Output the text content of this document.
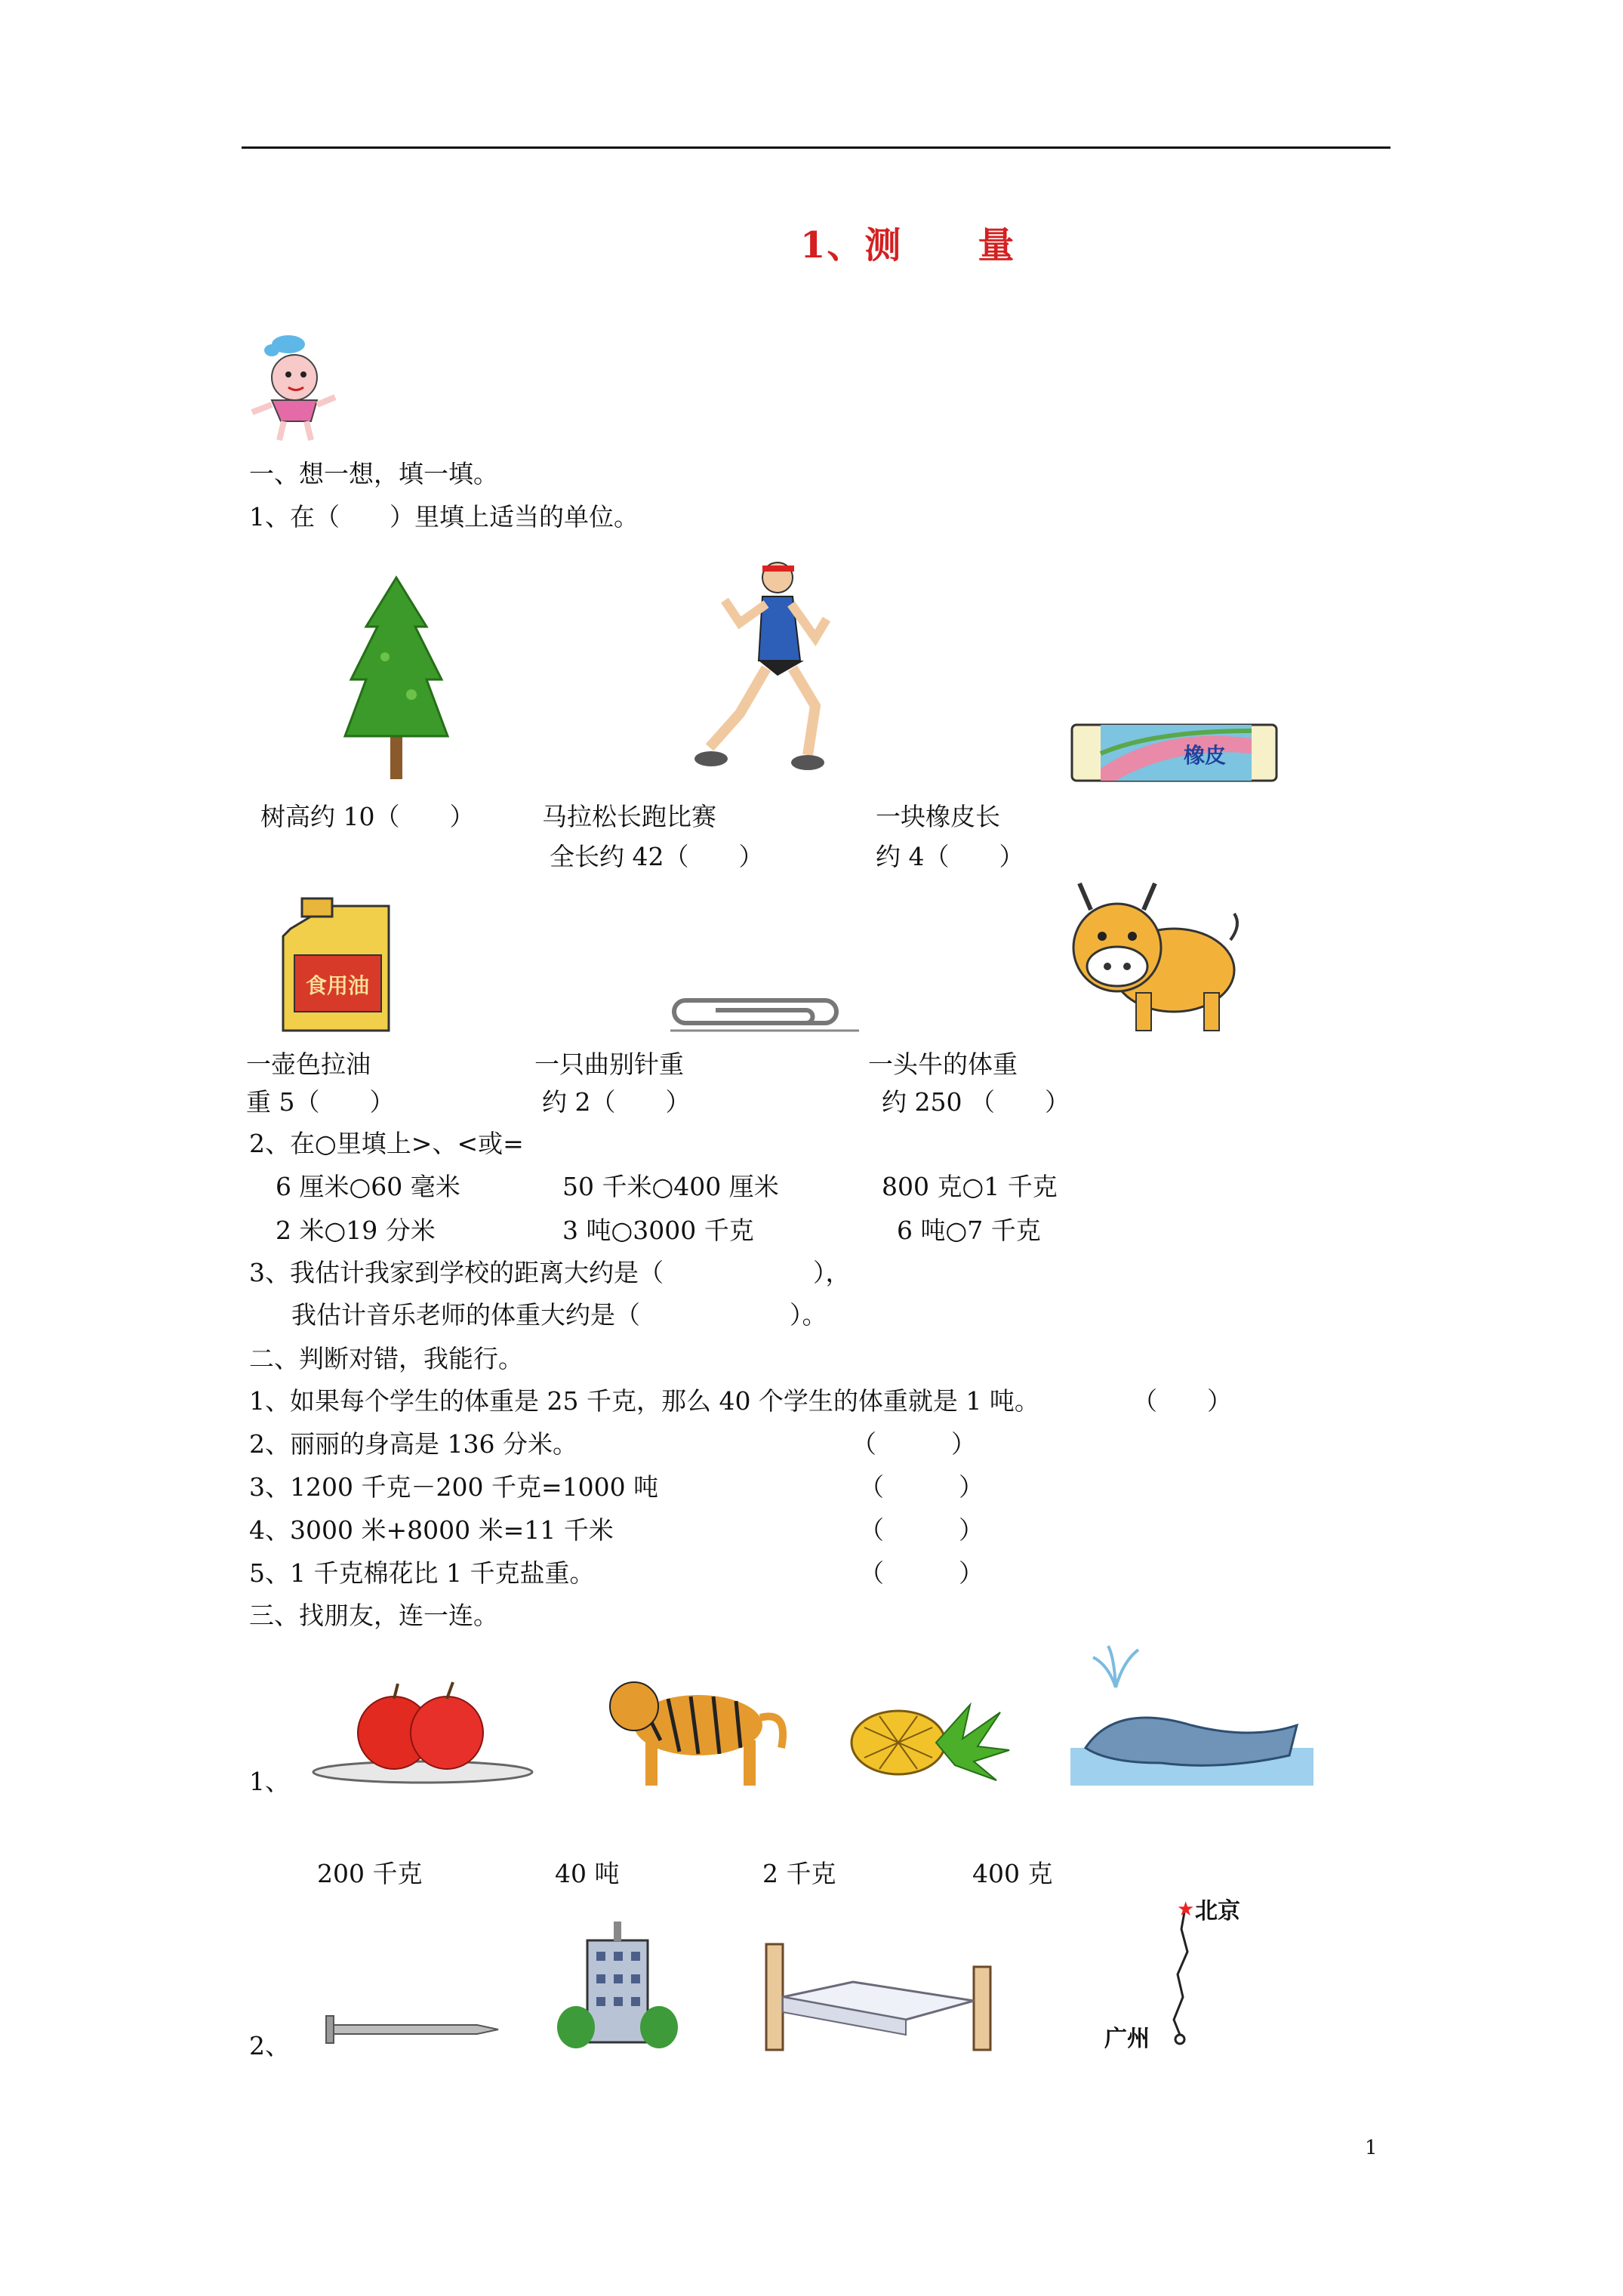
1、测　　量
一、想一想，填一填。
1、在（　　）里填上适当的单位。
橡皮
树高约 10（　　）	马拉松长跑比赛
全长约 42（　　）
一块橡皮长
约 4（　　）
食用油
一壶色拉油
重 5（　　）
一只曲别针重
约 2（　　）
一头牛的体重
约 250 （　　）
2、在○里填上>、<或=
6 厘米○60 毫米	50 千米○400 厘米	800 克○1 千克
2 米○19 分米	3 吨○3000 千克	6 吨○7 千克
3、我估计我家到学校的距离大约是（　　　　　　），
我估计音乐老师的体重大约是（　　　　　　）。
二、判断对错，我能行。
1、如果每个学生的体重是 25 千克，那么 40 个学生的体重就是 1 吨。	（　　）
2、丽丽的身高是 136 分米。	（　　　）
3、1200 千克－200 千克=1000 吨	（　　　）
4、3000 米+8000 米=11 千米	（　　　）
5、1 千克棉花比 1 千克盐重。	（　　　）
三、找朋友，连一连。
1、
200 千克	40 吨	2 千克	400 克
2、
★ 北京
广州
1
